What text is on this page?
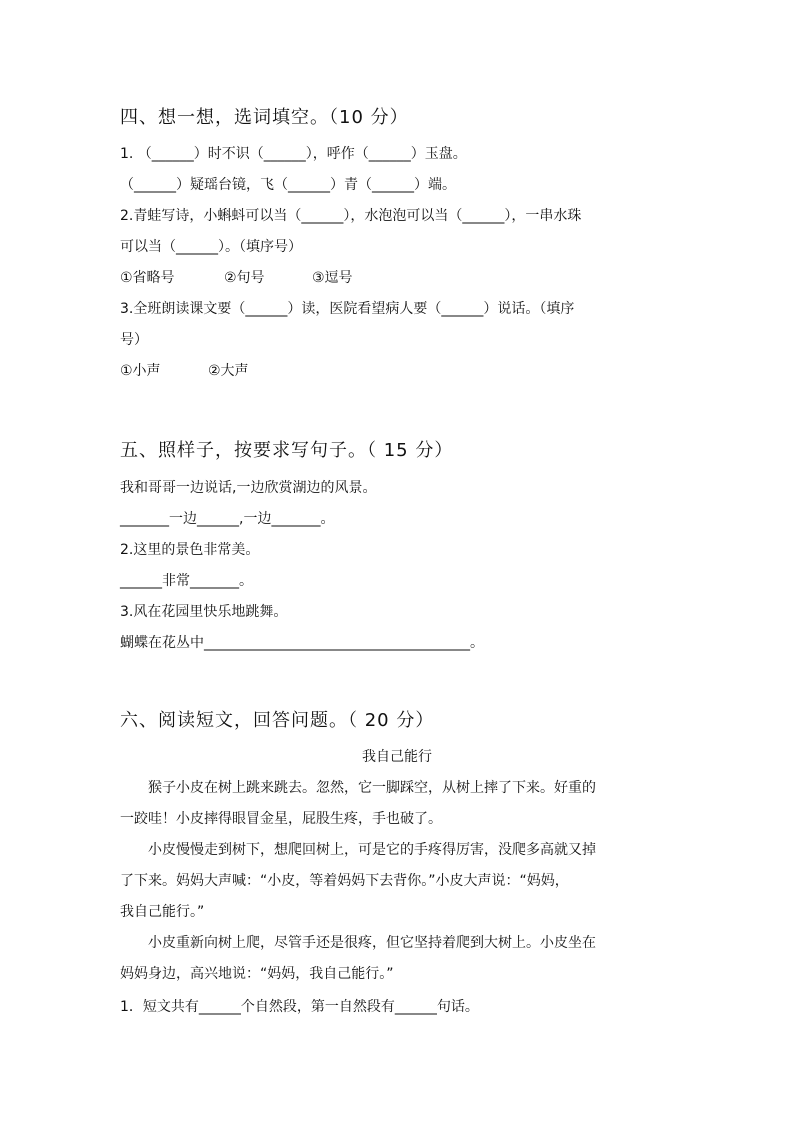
四、想一想，选词填空。（10 分）
1. （______）时不识（______），呼作（______）玉盘。
（______）疑瑶台镜，飞（______）青（______）端。
2.青蛙写诗，小蝌蚪可以当（______），水泡泡可以当（______），一串水珠
可以当（______）。（填序号）
①省略号	②句号	③逗号
3.全班朗读课文要（______）读，医院看望病人要（______）说话。（填序
号）
①小声	②大声
五、照样子，按要求写句子。（ 15 分）
我和哥哥一边说话,一边欣赏湖边的风景。
_______一边______,一边_______。
2.这里的景色非常美。
______非常_______。
3.风在花园里快乐地跳舞。
蝴蝶在花丛中______________________________________。
六、阅读短文，回答问题。（ 20 分）
我自己能行
猴子小皮在树上跳来跳去。忽然，它一脚踩空，从树上摔了下来。好重的
一跤哇！小皮摔得眼冒金星，屁股生疼，手也破了。
小皮慢慢走到树下，想爬回树上，可是它的手疼得厉害，没爬多高就又掉
了下来。妈妈大声喊：“小皮，等着妈妈下去背你。”小皮大声说：“妈妈，
我自己能行。”
小皮重新向树上爬，尽管手还是很疼，但它坚持着爬到大树上。小皮坐在
妈妈身边，高兴地说：“妈妈，我自己能行。”
1．短文共有______个自然段，第一自然段有______句话。
